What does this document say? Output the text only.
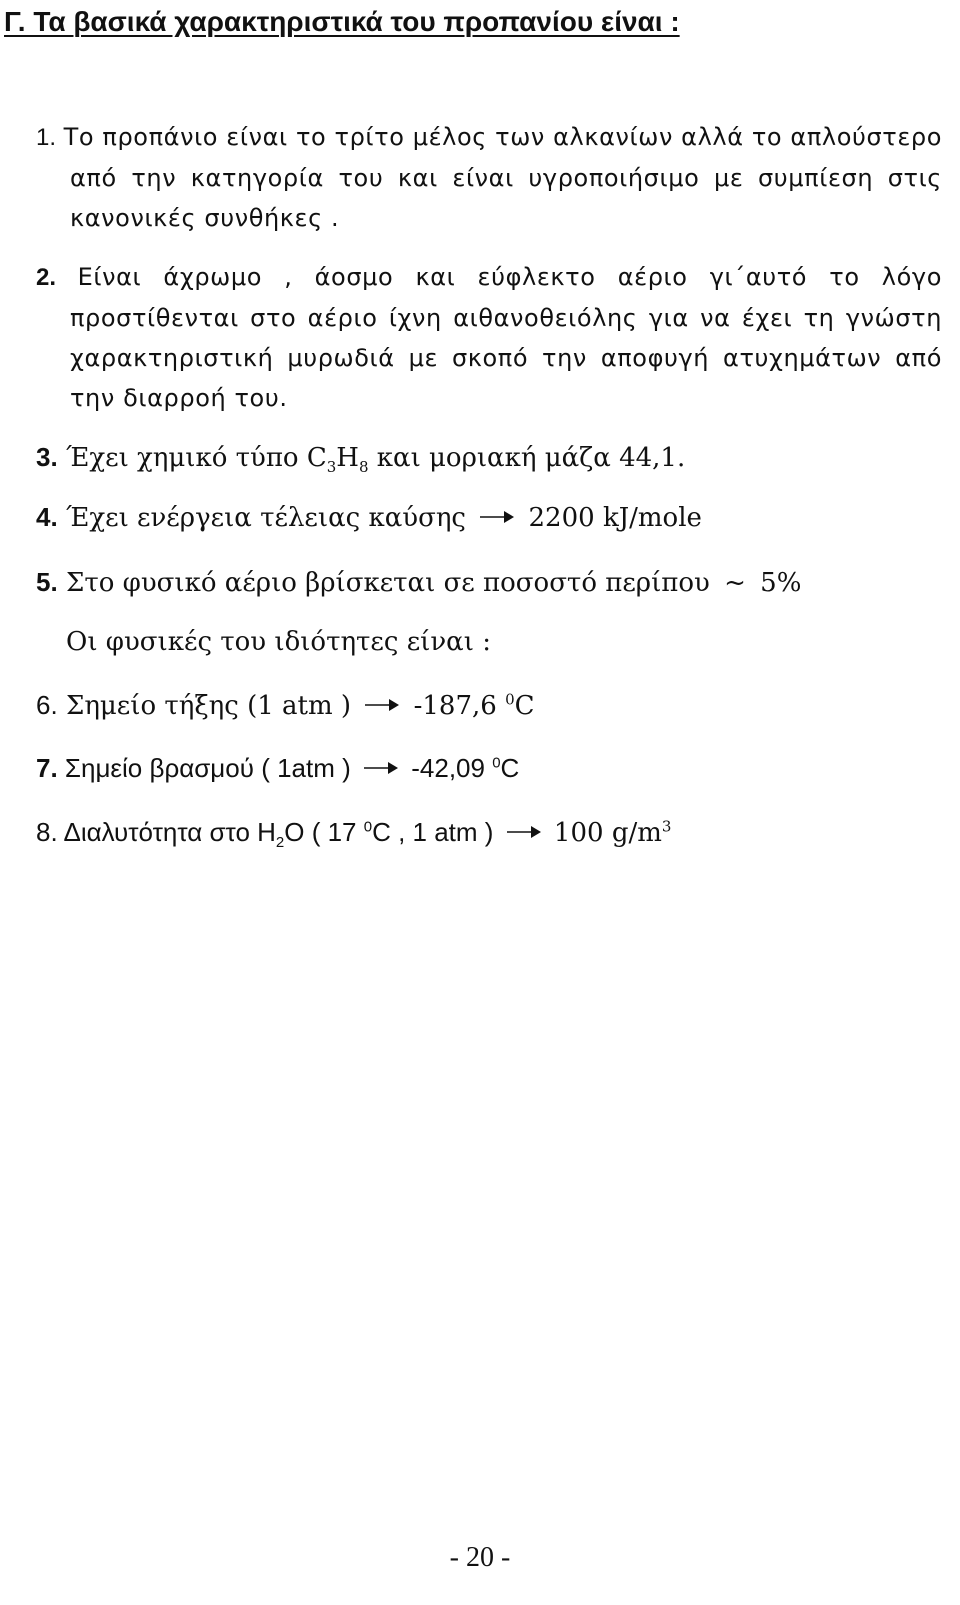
Γ. Τα βασικά χαρακτηριστικά του προπανίου είναι :
1. Το προπάνιο είναι το τρίτο μέλος των αλκανίων αλλά το απλούστερο από την κατηγορία του και είναι υγροποιήσιμο με συμπίεση στις κανονικές συνθήκες .
2. Είναι άχρωμο , άοσμο και εύφλεκτο αέριο γι΄αυτό το λόγο προστίθενται στο αέριο ίχνη αιθανοθειόλης για να έχει τη γνώστη χαρακτηριστική μυρωδιά με σκοπό την αποφυγή ατυχημάτων από την διαρροή του.
3. Έχει χημικό τύπο $C_3H_8$ και μοριακή μάζα 44,1.
4. Έχει ενέργεια τέλειας καύσης 2200 kJ/mole
5. Στο φυσικό αέριο βρίσκεται σε ποσοστό περίπου ~ 5%
Οι φυσικές του ιδιότητες είναι :
6. Σημείο τήξης (1 atm ) -187,6 $^0$C
7. Σημείο βρασμού ( 1atm ) -42,09 $^0$C
8. Διαλυτότητα στο $H_2O$ ( 17 $^0$C , 1 atm ) 100 $g/m^3$
- 20 -
